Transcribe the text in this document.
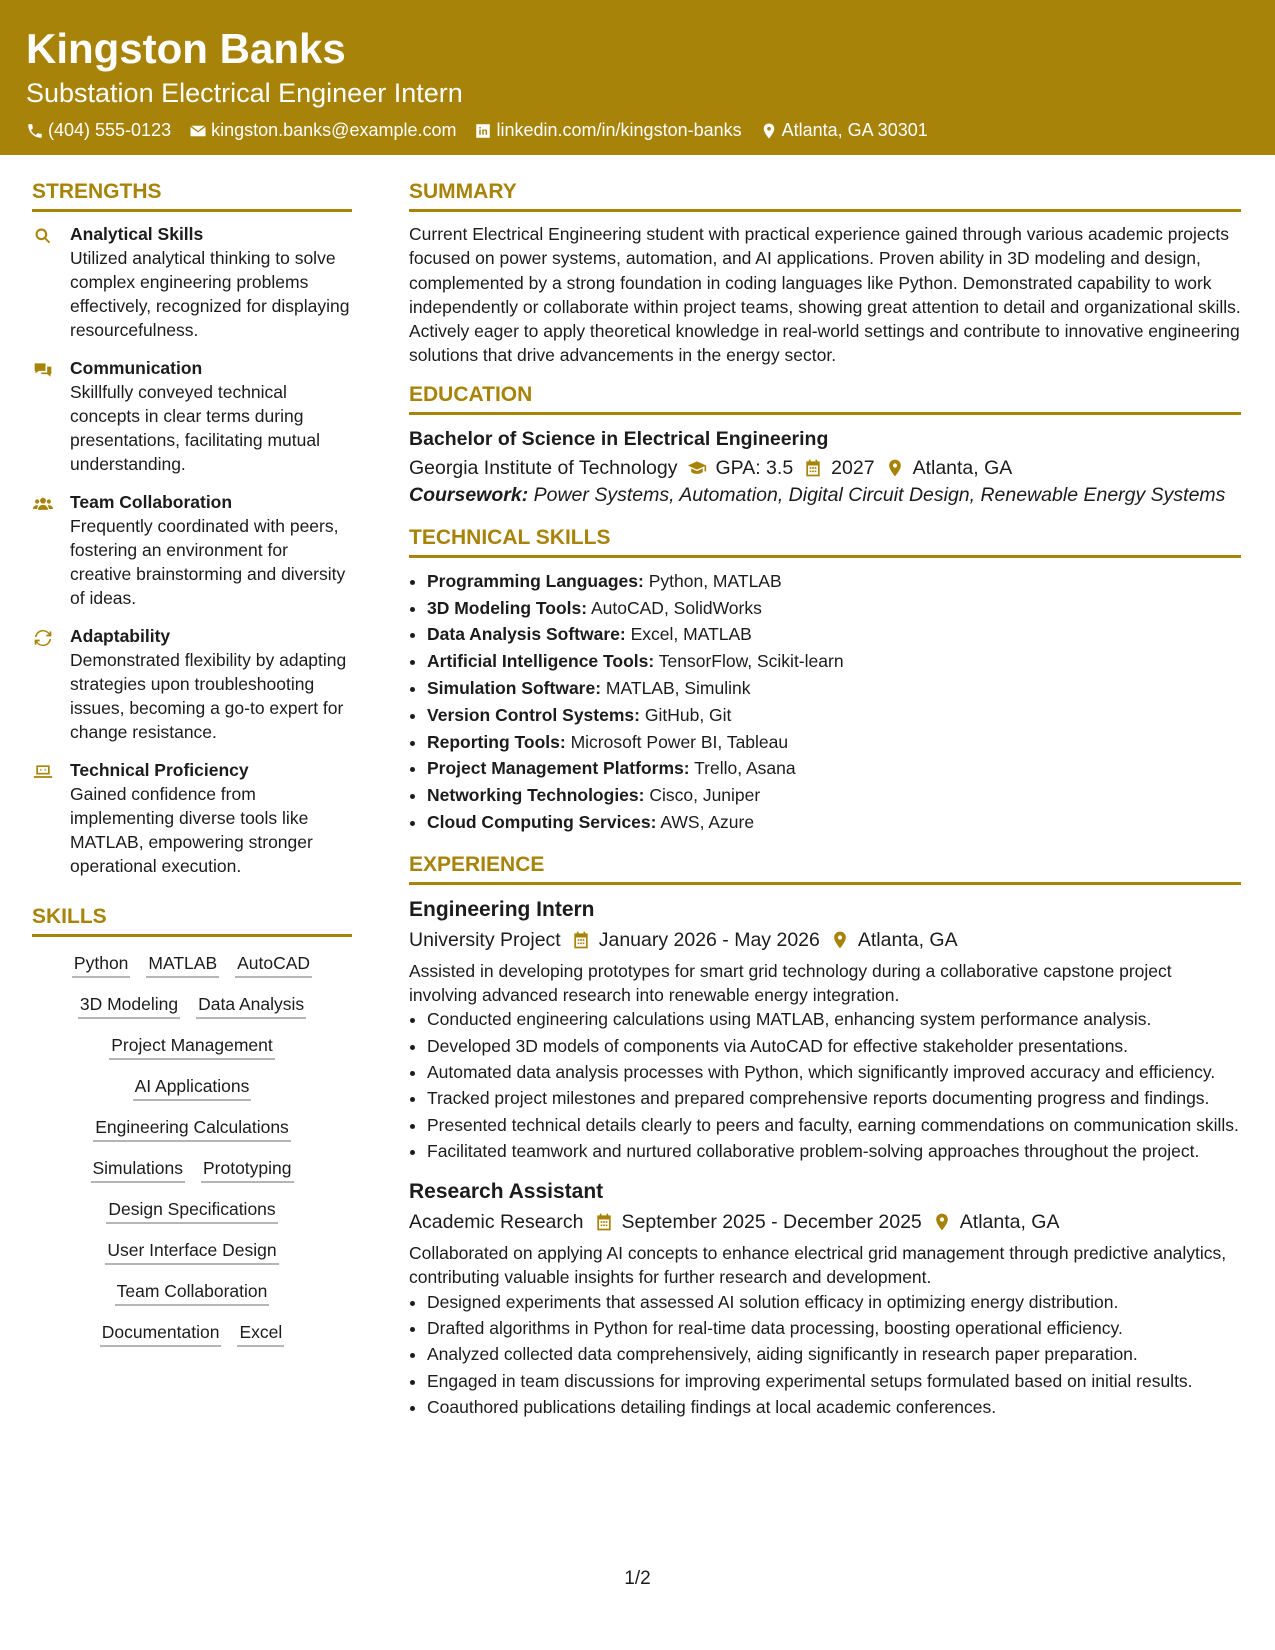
Kingston Banks
Substation Electrical Engineer Intern
(404) 555-0123 kingston.banks@example.com linkedin.com/in/kingston-banks Atlanta, GA 30301
STRENGTHS
Analytical Skills
Utilized analytical thinking to solve complex engineering problems effectively, recognized for displaying resourcefulness.
Communication
Skillfully conveyed technical concepts in clear terms during presentations, facilitating mutual understanding.
Team Collaboration
Frequently coordinated with peers, fostering an environment for creative brainstorming and diversity of ideas.
Adaptability
Demonstrated flexibility by adapting strategies upon troubleshooting issues, becoming a go-to expert for change resistance.
Technical Proficiency
Gained confidence from implementing diverse tools like MATLAB, empowering stronger operational execution.
SKILLS
Python MATLAB AutoCAD
3D Modeling Data Analysis
Project Management
AI Applications
Engineering Calculations
Simulations Prototyping
Design Specifications
User Interface Design
Team Collaboration
Documentation Excel
SUMMARY

Current Electrical Engineering student with practical experience gained through various academic projects focused on power systems, automation, and AI applications. Proven ability in 3D modeling and design, complemented by a strong foundation in coding languages like Python. Demonstrated capability to work independently or collaborate within project teams, showing great attention to detail and organizational skills. Actively eager to apply theoretical knowledge in real-world settings and contribute to innovative engineering solutions that drive advancements in the energy sector.

EDUCATION
Bachelor of Science in Electrical Engineering
Georgia Institute of Technology GPA: 3.5 2027 Atlanta, GA
Coursework: Power Systems, Automation, Digital Circuit Design, Renewable Energy Systems
TECHNICAL SKILLS
• Programming Languages: Python, MATLAB
• 3D Modeling Tools: AutoCAD, SolidWorks
• Data Analysis Software: Excel, MATLAB
• Artificial Intelligence Tools: TensorFlow, Scikit-learn
• Simulation Software: MATLAB, Simulink
• Version Control Systems: GitHub, Git
• Reporting Tools: Microsoft Power BI, Tableau
• Project Management Platforms: Trello, Asana
• Networking Technologies: Cisco, Juniper
• Cloud Computing Services: AWS, Azure
EXPERIENCE
Engineering Intern
University Project January 2026 - May 2026 Atlanta, GA

Assisted in developing prototypes for smart grid technology during a collaborative capstone project involving advanced research into renewable energy integration.

• Conducted engineering calculations using MATLAB, enhancing system performance analysis.
• Developed 3D models of components via AutoCAD for effective stakeholder presentations.
• Automated data analysis processes with Python, which significantly improved accuracy and efficiency.
• Tracked project milestones and prepared comprehensive reports documenting progress and findings.
• Presented technical details clearly to peers and faculty, earning commendations on communication skills.
• Facilitated teamwork and nurtured collaborative problem-solving approaches throughout the project.
Research Assistant
Academic Research September 2025 - December 2025 Atlanta, GA

Collaborated on applying AI concepts to enhance electrical grid management through predictive analytics, contributing valuable insights for further research and development.

• Designed experiments that assessed AI solution efficacy in optimizing energy distribution.
• Drafted algorithms in Python for real-time data processing, boosting operational efficiency.
• Analyzed collected data comprehensively, aiding significantly in research paper preparation.
• Engaged in team discussions for improving experimental setups formulated based on initial results.
• Coauthored publications detailing findings at local academic conferences.
1/2
